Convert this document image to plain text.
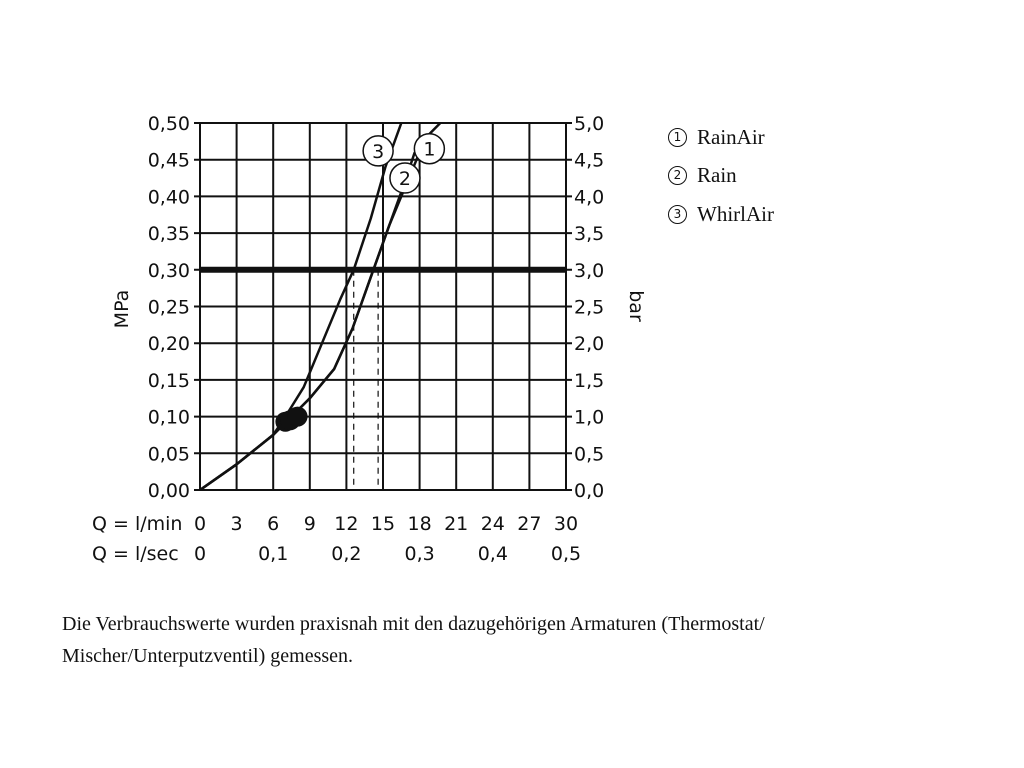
1
2
3
0,00	0,0
0,05	0,5
0,10	1,0
0,15	1,5
0,20	2,0
0,25	2,5
0,30	3,0
0,35	3,5
0,40	4,0
0,45	4,5
0,50	5,0
0 3 6 9 12 15 18 21 24 27 30
0	0,1 0,2 0,3 0,4 0,5
MPa	bar
Q = l/min
Q = l/sec
1 RainAir
2 Rain
3 WhirlAir
Die Verbrauchswerte wurden praxisnah mit den dazugehörigen Armaturen (Thermostat/ Mischer/Unterputzventil) gemessen.
